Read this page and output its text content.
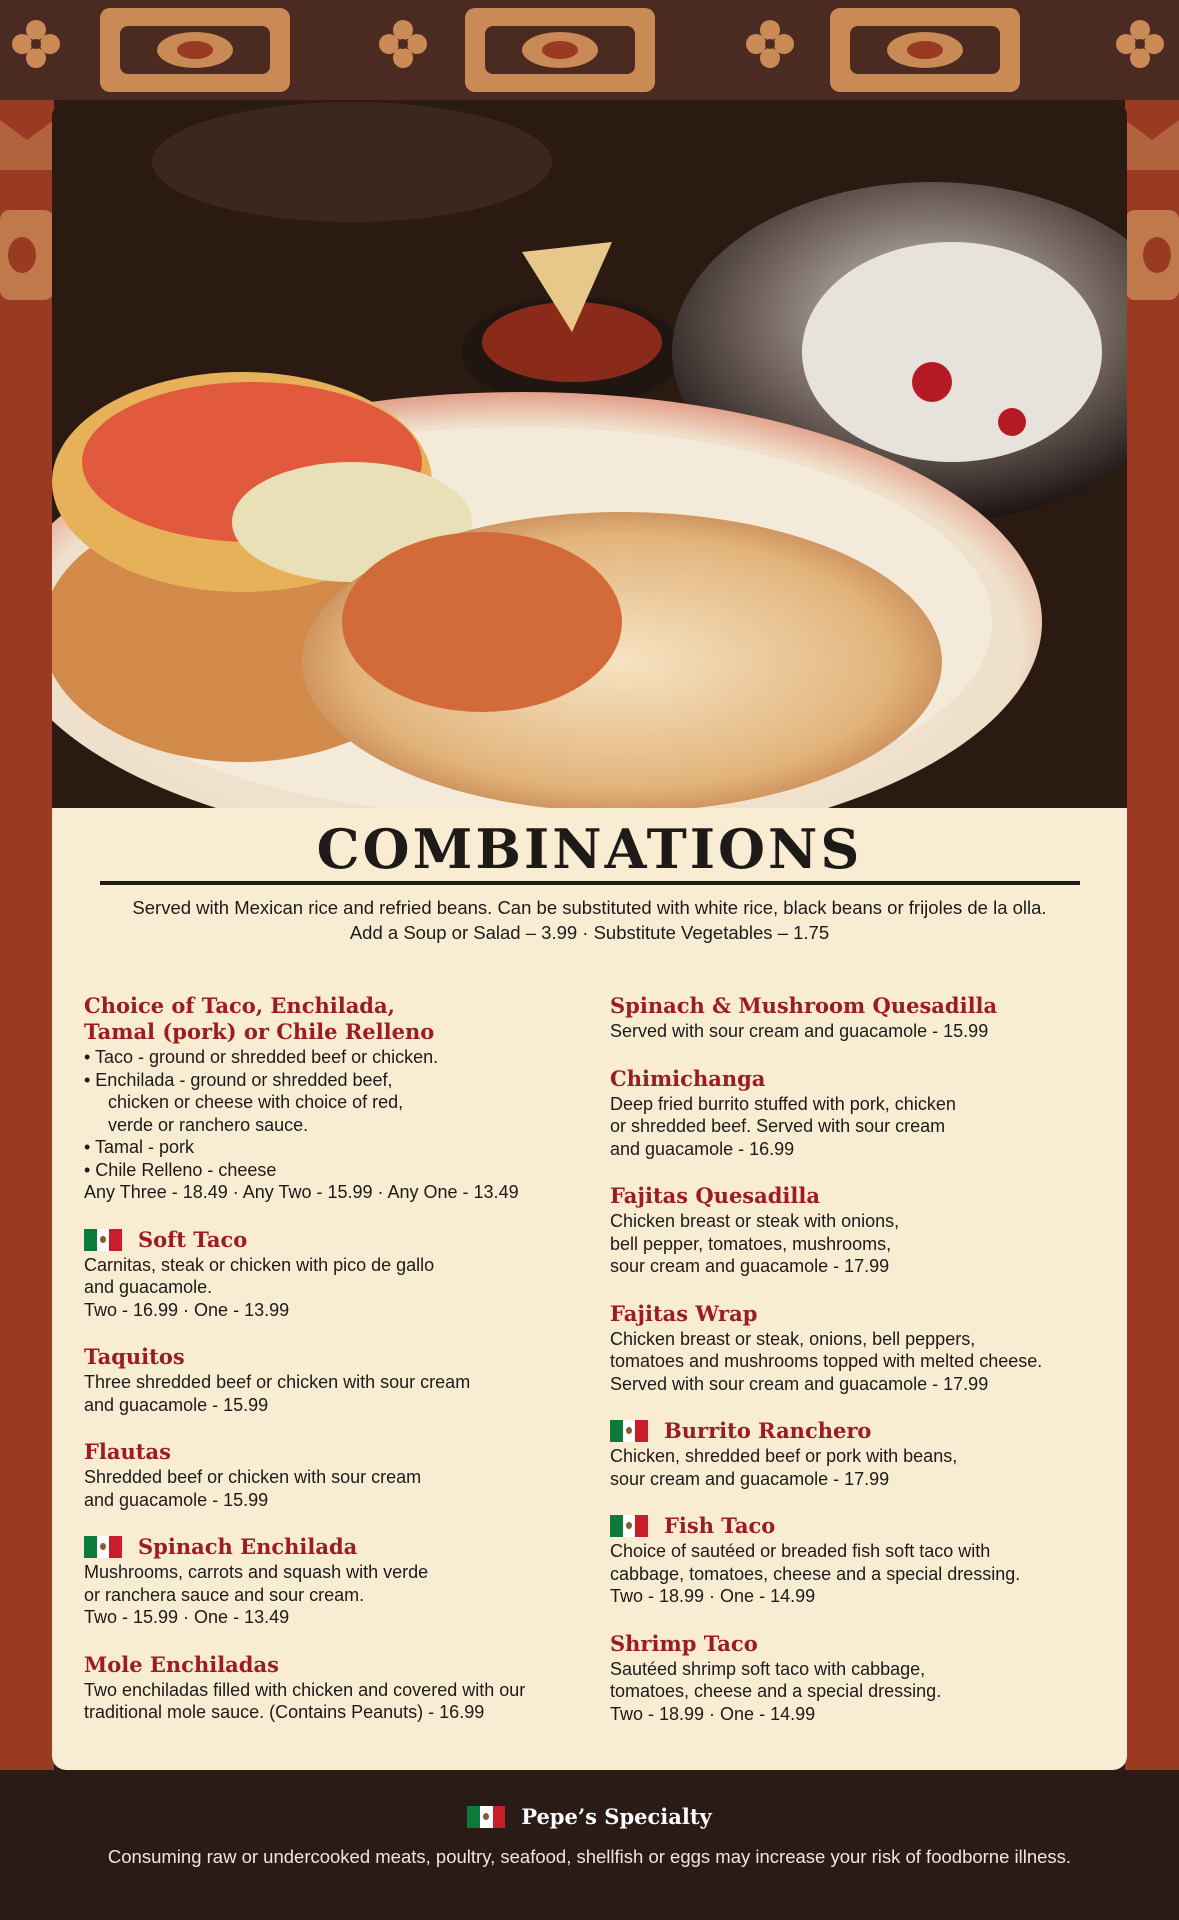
COMBINATIONS
Served with Mexican rice and refried beans. Can be substituted with white rice, black beans or frijoles de la olla.
Add a Soup or Salad – 3.99 · Substitute Vegetables – 1.75
Choice of Taco, Enchilada,
Tamal (pork) or Chile Relleno
• Taco - ground or shredded beef or chicken.
• Enchilada - ground or shredded beef,
chicken or cheese with choice of red,
verde or ranchero sauce.
• Tamal - pork
• Chile Relleno - cheese
Any Three - 18.49 · Any Two - 15.99 · Any One - 13.49
Soft Taco
Carnitas, steak or chicken with pico de gallo
and guacamole.
Two - 16.99 · One - 13.99
Taquitos
Three shredded beef or chicken with sour cream
and guacamole - 15.99
Flautas
Shredded beef or chicken with sour cream
and guacamole - 15.99
Spinach Enchilada
Mushrooms, carrots and squash with verde
or ranchera sauce and sour cream.
Two - 15.99 · One - 13.49
Mole Enchiladas
Two enchiladas filled with chicken and covered with our
traditional mole sauce. (Contains Peanuts) - 16.99
Spinach & Mushroom Quesadilla
Served with sour cream and guacamole - 15.99
Chimichanga
Deep fried burrito stuffed with pork, chicken
or shredded beef. Served with sour cream
and guacamole - 16.99
Fajitas Quesadilla
Chicken breast or steak with onions,
bell pepper, tomatoes, mushrooms,
sour cream and guacamole - 17.99
Fajitas Wrap
Chicken breast or steak, onions, bell peppers,
tomatoes and mushrooms topped with melted cheese.
Served with sour cream and guacamole - 17.99
Burrito Ranchero
Chicken, shredded beef or pork with beans,
sour cream and guacamole - 17.99
Fish Taco
Choice of sautéed or breaded fish soft taco with
cabbage, tomatoes, cheese and a special dressing.
Two - 18.99 · One - 14.99
Shrimp Taco
Sautéed shrimp soft taco with cabbage,
tomatoes, cheese and a special dressing.
Two - 18.99 · One - 14.99
Pepe’s Specialty
Consuming raw or undercooked meats, poultry, seafood, shellfish or eggs may increase your risk of foodborne illness.
